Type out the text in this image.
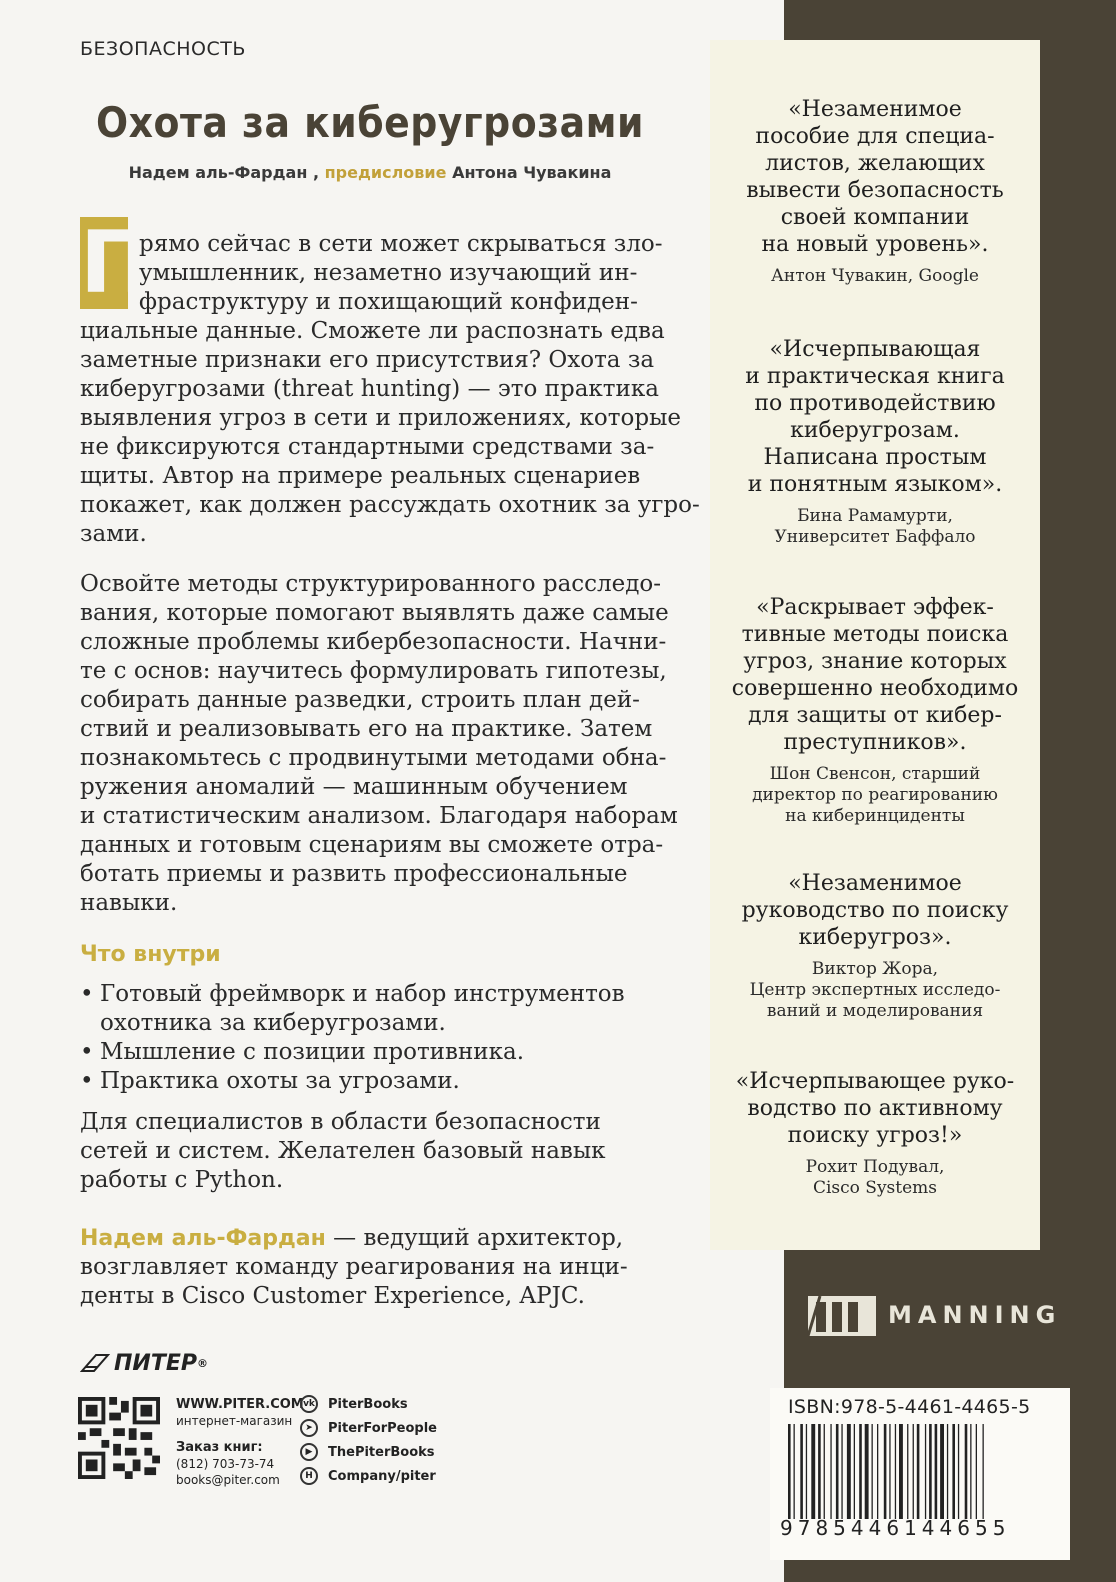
«Незаменимое
пособие для специа-
листов, желающих
вывести безопасность
своей компании
на новый уровень».
Антон Чувакин, Google
«Исчерпывающая
и практическая книга
по противодействию
киберугрозам.
Написана простым
и понятным языком».
Бина Рамамурти,
Университет Баффало
«Раскрывает эффек-
тивные методы поиска
угроз, знание которых
совершенно необходимо
для защиты от кибер-
преступников».
Шон Свенсон, старший
директор по реагированию
на киберинциденты
«Незаменимое
руководство по поиску
киберугроз».
Виктор Жора,
Центр экспертных исследо-
ваний и моделирования
«Исчерпывающее руко-
водство по активному
поиску угроз!»
Рохит Подувал,
Cisco Systems
БЕЗОПАСНОСТЬ
Охота за киберугрозами
Надем аль-Фардан , предисловие Антона Чувакина
П
рямо сейчас в сети может скрываться зло-
умышленник, незаметно изучающий ин-
фраструктуру и похищающий конфиден-
циальные данные. Сможете ли распознать едва
заметные признаки его присутствия? Охота за
киберугрозами (threat hunting) — это практика
выявления угроз в сети и приложениях, которые
не фиксируются стандартными средствами за-
щиты. Автор на примере реальных сценариев
покажет, как должен рассуждать охотник за угро-
зами.
Освойте методы структурированного расследо-
вания, которые помогают выявлять даже самые
сложные проблемы кибербезопасности. Начни-
те с основ: научитесь формулировать гипотезы,
собирать данные разведки, строить план дей-
ствий и реализовывать его на практике. Затем
познакомьтесь с продвинутыми методами обна-
ружения аномалий — машинным обучением
и статистическим анализом. Благодаря наборам
данных и готовым сценариям вы сможете отра-
ботать приемы и развить профессиональные
навыки.
Что внутри
• Готовый фреймворк и набор инструментов
охотника за киберугрозами.
• Мышление с позиции противника.
• Практика охоты за угрозами.
Для специалистов в области безопасности
сетей и систем. Желателен базовый навык
работы с Python.
Надем аль-Фардан — ведущий архитектор,
возглавляет команду реагирования на инци-
денты в Cisco Customer Experience, APJC.
ПИТЕР ®
WWW.PITER.COM
интернет-магазин
Заказ книг:
(812) 703-73-74
books@piter.com
vk PiterBooks
➤	PiterForPeople
▶	ThePiterBooks
H	Company/piter
MANNING
ISBN:978-5-4461-4465-5
9785446144655
